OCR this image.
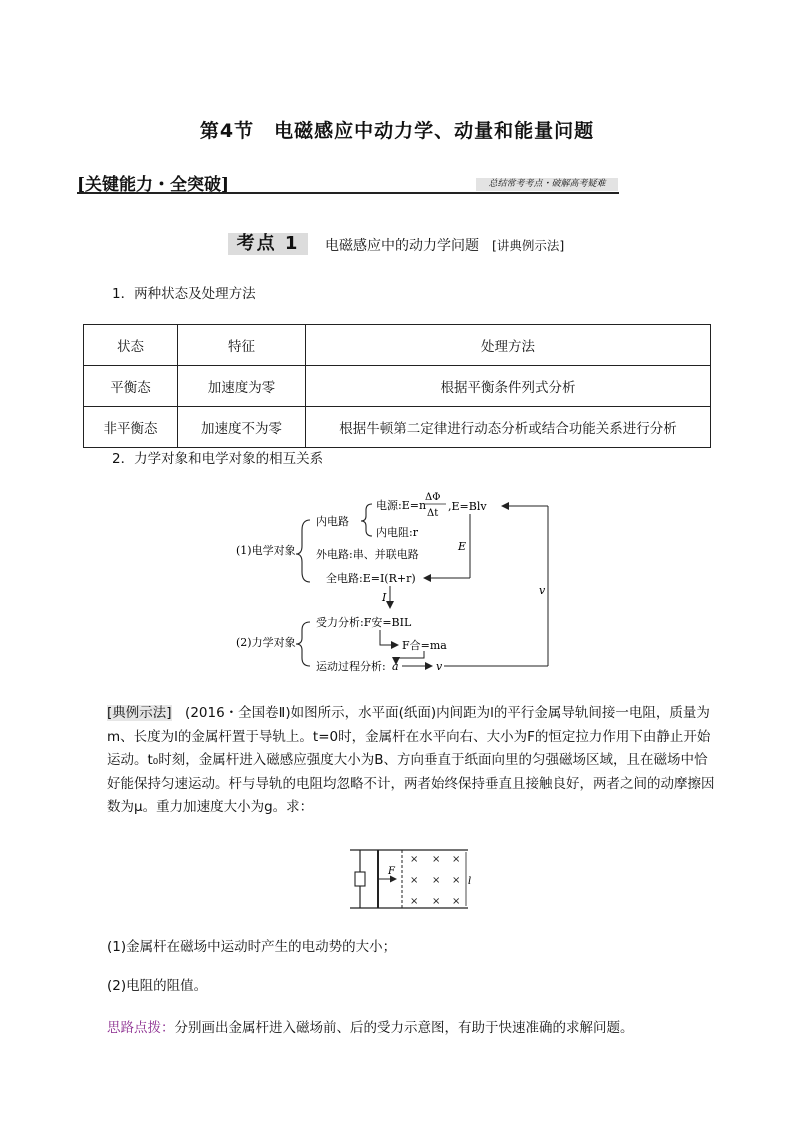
第4节　电磁感应中动力学、动量和能量问题
[关键能力・全突破]	总结常考考点・破解高考疑难
考点 1	电磁感应中的动力学问题 [讲典例示法]
1．两种状态及处理方法
状态	特征	处理方法
平衡态	加速度为零	根据平衡条件列式分析
非平衡态	加速度不为零	根据牛顿第二定律进行动态分析或结合功能关系进行分析
2．力学对象和电学对象的相互关系
(1)电学对象
内电路
电源:E=n
ΔΦ
Δt
,E=Blv
内电阻:r
外电路:串、并联电路
全电路:E=I(R+r)
E
I
v
(2)力学对象
受力分析:F安=BIL
F合=ma
运动过程分析: a	v
[典例示法]　(2016・全国卷Ⅱ)如图所示，水平面(纸面)内间距为l的平行金属导轨间接一电阻，质量为m、长度为l的金属杆置于导轨上。t=0时，金属杆在水平向右、大小为F的恒定拉力作用下由静止开始运动。t₀时刻，金属杆进入磁感应强度大小为B、方向垂直于纸面向里的匀强磁场区域，且在磁场中恰好能保持匀速运动。杆与导轨的电阻均忽略不计，两者始终保持垂直且接触良好，两者之间的动摩擦因数为μ。重力加速度大小为g。求：
F
× × ×
× × ×
× × ×
l
(1)金属杆在磁场中运动时产生的电动势的大小；
(2)电阻的阻值。
思路点拨：分别画出金属杆进入磁场前、后的受力示意图，有助于快速准确的求解问题。
